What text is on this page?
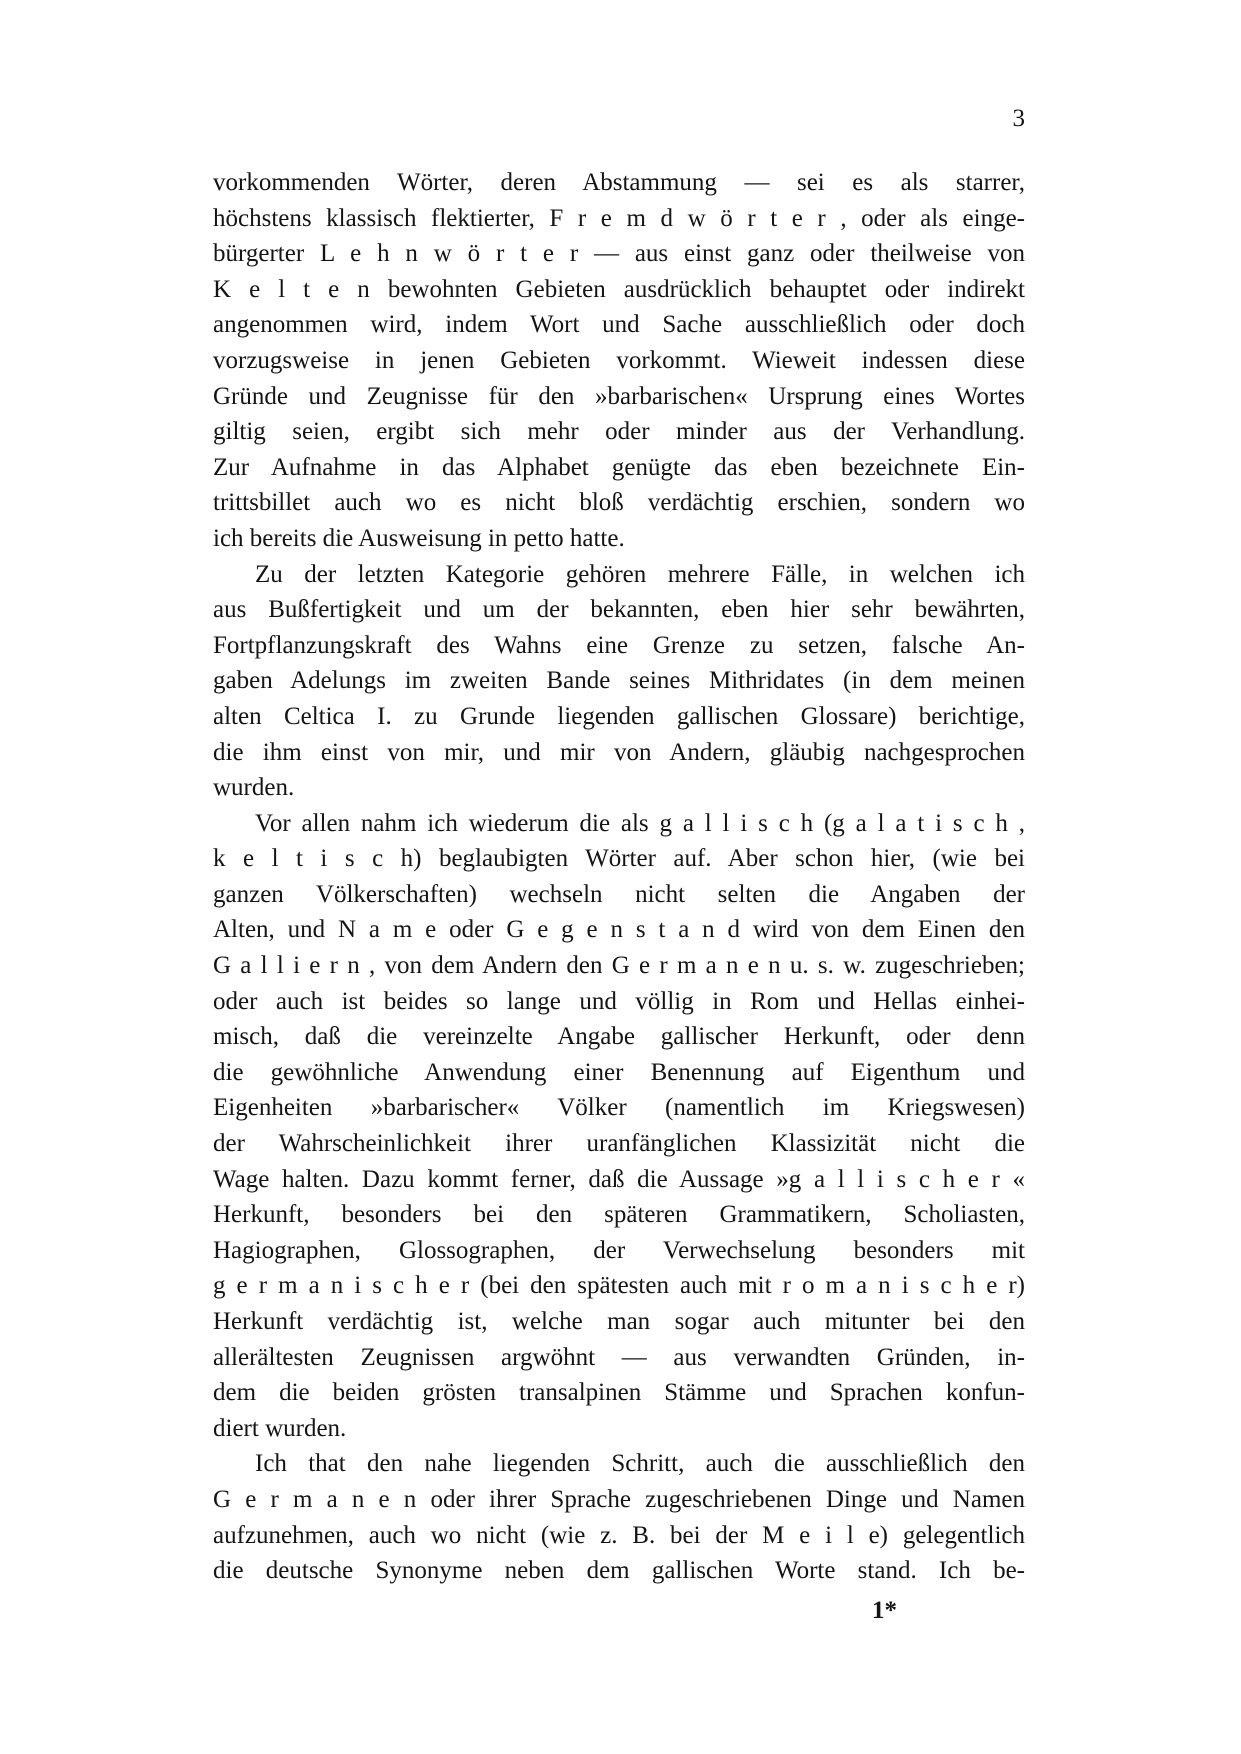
3
vorkommenden Wörter, deren Abstammung — sei es als starrer,
höchstens klassisch flektierter, F r e m d w ö r t e r , oder als einge-
bürgerter L e h n w ö r t e r — aus einst ganz oder theilweise von
K e l t e n bewohnten Gebieten ausdrücklich behauptet oder indirekt
angenommen wird, indem Wort und Sache ausschließlich oder doch
vorzugsweise in jenen Gebieten vorkommt. Wieweit indessen diese
Gründe und Zeugnisse für den »barbarischen« Ursprung eines Wortes
giltig seien, ergibt sich mehr oder minder aus der Verhandlung.
Zur Aufnahme in das Alphabet genügte das eben bezeichnete Ein-
trittsbillet auch wo es nicht bloß verdächtig erschien, sondern wo
ich bereits die Ausweisung in petto hatte.
Zu der letzten Kategorie gehören mehrere Fälle, in welchen ich
aus Bußfertigkeit und um der bekannten, eben hier sehr bewährten,
Fortpflanzungskraft des Wahns eine Grenze zu setzen, falsche An-
gaben Adelungs im zweiten Bande seines Mithridates (in dem meinen
alten Celtica I. zu Grunde liegenden gallischen Glossare) berichtige,
die ihm einst von mir, und mir von Andern, gläubig nachgesprochen
wurden.
Vor allen nahm ich wiederum die als g a l l i s c h (g a l a t i s c h ,
k e l t i s c h) beglaubigten Wörter auf. Aber schon hier, (wie bei
ganzen Völkerschaften) wechseln nicht selten die Angaben der
Alten, und N a m e oder G e g e n s t a n d wird von dem Einen den
G a l l i e r n , von dem Andern den G e r m a n e n u. s. w. zugeschrieben;
oder auch ist beides so lange und völlig in Rom und Hellas einhei-
misch, daß die vereinzelte Angabe gallischer Herkunft, oder denn
die gewöhnliche Anwendung einer Benennung auf Eigenthum und
Eigenheiten »barbarischer« Völker (namentlich im Kriegswesen)
der Wahrscheinlichkeit ihrer uranfänglichen Klassizität nicht die
Wage halten. Dazu kommt ferner, daß die Aussage »g a l l i s c h e r «
Herkunft, besonders bei den späteren Grammatikern, Scholiasten,
Hagiographen, Glossographen, der Verwechselung besonders mit
g e r m a n i s c h e r (bei den spätesten auch mit r o m a n i s c h e r)
Herkunft verdächtig ist, welche man sogar auch mitunter bei den
allerältesten Zeugnissen argwöhnt — aus verwandten Gründen, in-
dem die beiden grösten transalpinen Stämme und Sprachen konfun-
diert wurden.
Ich that den nahe liegenden Schritt, auch die ausschließlich den
G e r m a n e n oder ihrer Sprache zugeschriebenen Dinge und Namen
aufzunehmen, auch wo nicht (wie z. B. bei der M e i l e) gelegentlich
die deutsche Synonyme neben dem gallischen Worte stand. Ich be-
1*
